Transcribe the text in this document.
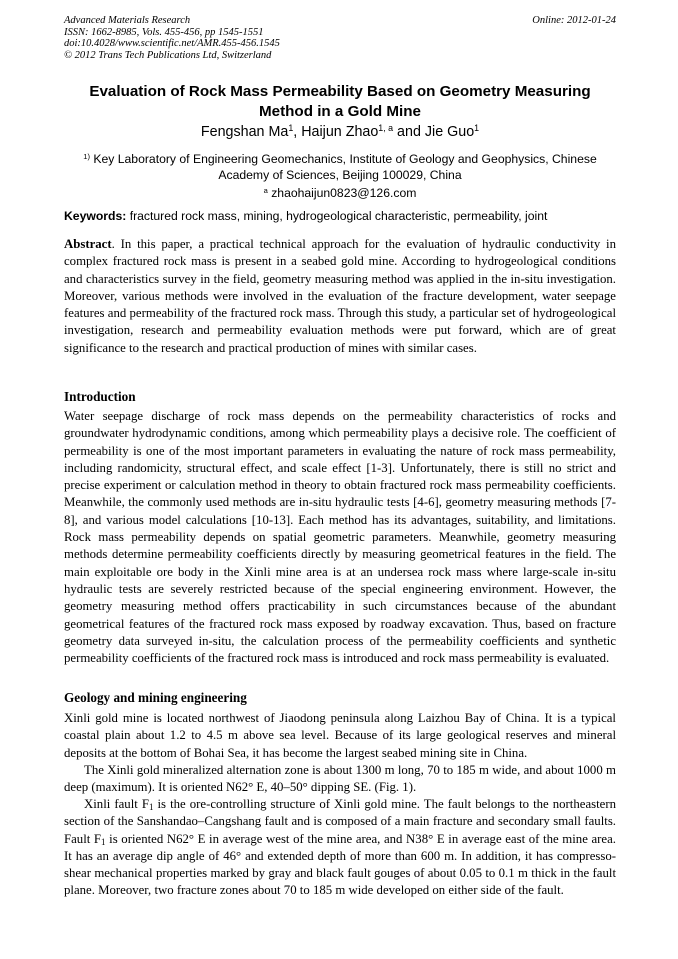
Advanced Materials Research
ISSN: 1662-8985, Vols. 455-456, pp 1545-1551
doi:10.4028/www.scientific.net/AMR.455-456.1545
© 2012 Trans Tech Publications Ltd, Switzerland
Online: 2012-01-24
Evaluation of Rock Mass Permeability Based on Geometry Measuring Method in a Gold Mine
Fengshan Ma$^1$, Haijun Zhao$^{1, a}$ and Jie Guo$^1$
$^{1)}$ Key Laboratory of Engineering Geomechanics, Institute of Geology and Geophysics, Chinese Academy of Sciences, Beijing 100029, China
$^a$ zhaohaijun0823@126.com
Keywords: fractured rock mass, mining, hydrogeological characteristic, permeability, joint

Abstract. In this paper, a practical technical approach for the evaluation of hydraulic conductivity in complex fractured rock mass is present in a seabed gold mine. According to hydrogeological conditions and characteristics survey in the field, geometry measuring method was applied in the in-situ investigation. Moreover, various methods were involved in the evaluation of the fracture development, water seepage features and permeability of the fractured rock mass. Through this study, a particular set of hydrogeological investigation, research and permeability evaluation methods were put forward, which are of great significance to the research and practical production of mines with similar cases.

Introduction

Water seepage discharge of rock mass depends on the permeability characteristics of rocks and groundwater hydrodynamic conditions, among which permeability plays a decisive role. The coefficient of permeability is one of the most important parameters in evaluating the nature of rock mass permeability, including randomicity, structural effect, and scale effect [1-3]. Unfortunately, there is still no strict and precise experiment or calculation method in theory to obtain fractured rock mass permeability coefficients. Meanwhile, the commonly used methods are in-situ hydraulic tests [4-6], geometry measuring methods [7-8], and various model calculations [10-13]. Each method has its advantages, suitability, and limitations. Rock mass permeability depends on spatial geometric parameters. Meanwhile, geometry measuring methods determine permeability coefficients directly by measuring geometrical features in the field. The main exploitable ore body in the Xinli mine area is at an undersea rock mass where large-scale in-situ hydraulic tests are severely restricted because of the special engineering environment. However, the geometry measuring method offers practicability in such circumstances because of the abundant geometrical features of the fractured rock mass exposed by roadway excavation. Thus, based on fracture geometry data surveyed in-situ, the calculation process of the permeability coefficients and synthetic permeability coefficients of the fractured rock mass is introduced and rock mass permeability is evaluated.

Geology and mining engineering

Xinli gold mine is located northwest of Jiaodong peninsula along Laizhou Bay of China. It is a typical coastal plain about 1.2 to 4.5 m above sea level. Because of its large geological reserves and mineral deposits at the bottom of Bohai Sea, it has become the largest seabed mining site in China.

The Xinli gold mineralized alternation zone is about 1300 m long, 70 to 185 m wide, and about 1000 m deep (maximum). It is oriented N62° E, 40–50° dipping SE. (Fig. 1).

Xinli fault $F_1$ is the ore-controlling structure of Xinli gold mine. The fault belongs to the northeastern section of the Sanshandao–Cangshang fault and is composed of a main fracture and secondary small faults. Fault $F_1$ is oriented N62° E in average west of the mine area, and N38° E in average east of the mine area. It has an average dip angle of 46° and extended depth of more than 600 m. In addition, it has compresso-shear mechanical properties marked by gray and black fault gouges of about 0.05 to 0.1 m thick in the fault plane. Moreover, two fracture zones about 70 to 185 m wide developed on either side of the fault.
